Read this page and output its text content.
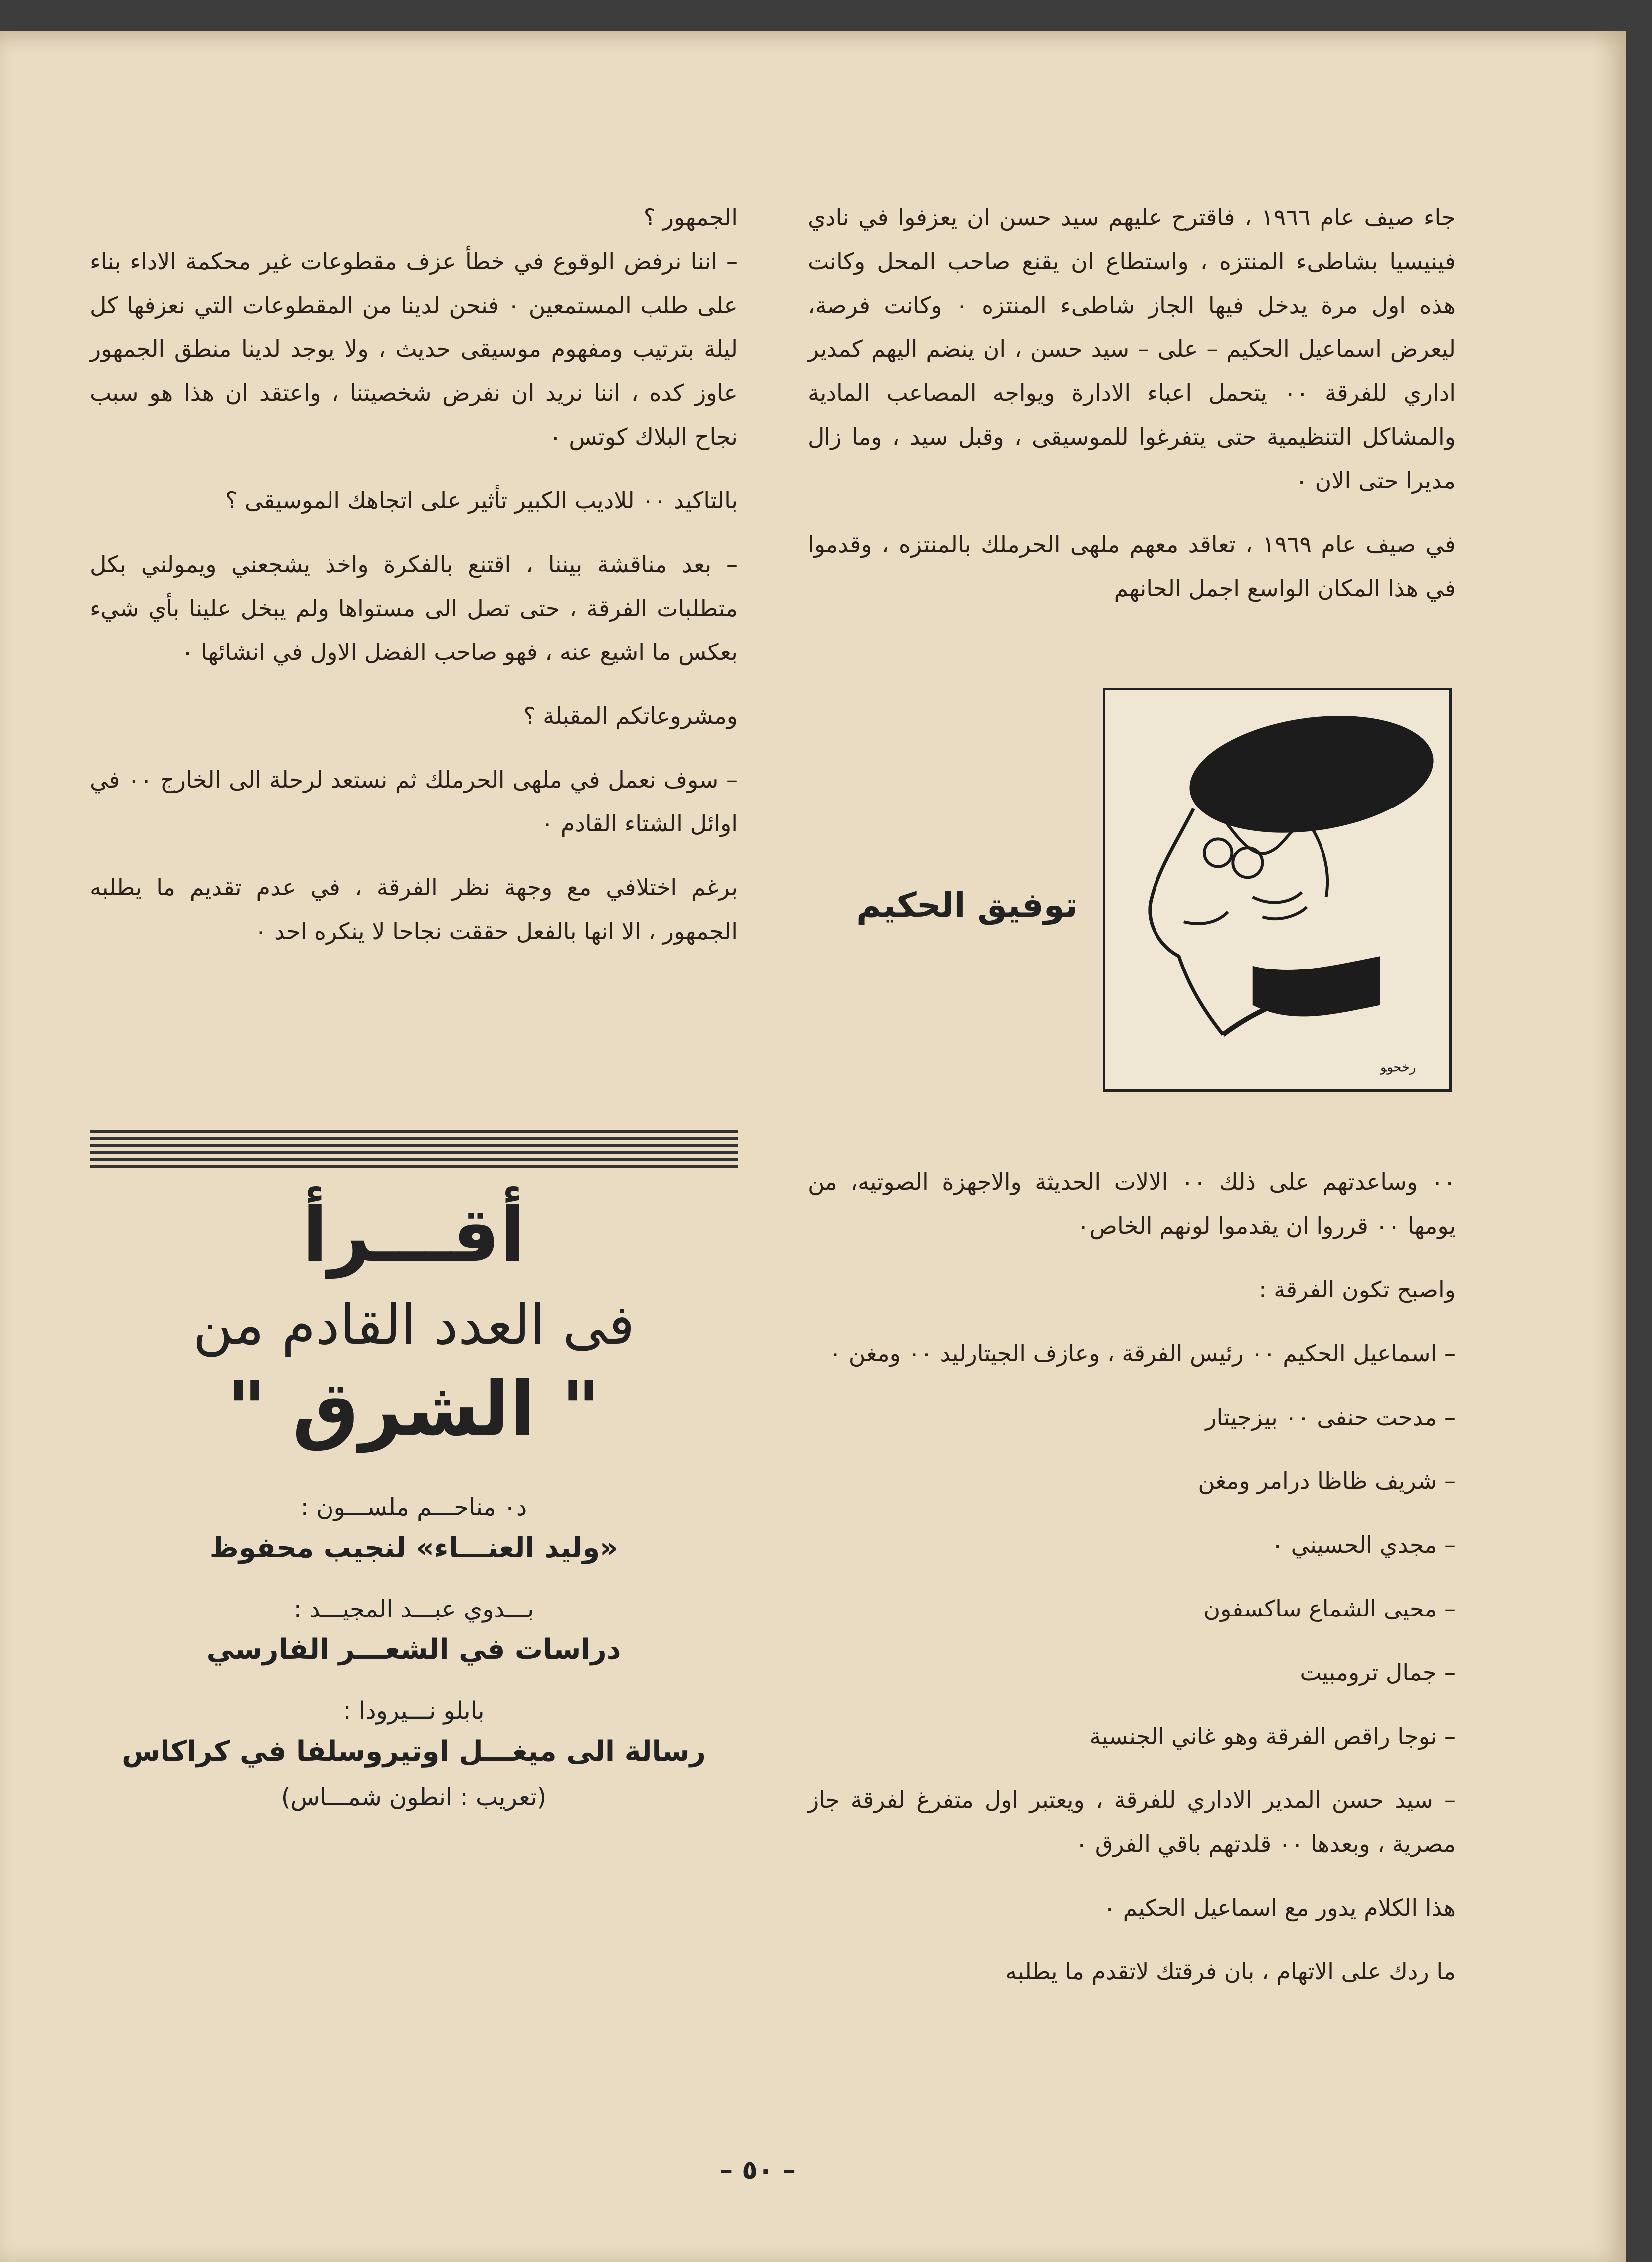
جاء صيف عام ١٩٦٦ ، فاقترح عليهم سيد حسن ان يعزفوا في نادي فينيسيا بشاطىء المنتزه ، واستطاع ان يقنع صاحب المحل وكانت هذه اول مرة يدخل فيها الجاز شاطىء المنتزه ٠ وكانت فرصة، ليعرض اسماعيل الحكيم – على – سيد حسن ، ان ينضم اليهم كمدير اداري للفرقة ٠٠ يتحمل اعباء الادارة ويواجه المصاعب المادية والمشاكل التنظيمية حتى يتفرغوا للموسيقى ، وقبل سيد ، وما زال مديرا حتى الان ٠

في صيف عام ١٩٦٩ ، تعاقد معهم ملهى الحرملك بالمنتزه ، وقدموا في هذا المكان الواسع اجمل الحانهم

ﺭﺧﺤﻮﻮ
توفيق الحكيم

٠٠ وساعدتهم على ذلك ٠٠ الالات الحديثة والاجهزة الصوتيه، من يومها ٠٠ قرروا ان يقدموا لونهم الخاص٠

واصبح تكون الفرقة :

– اسماعيل الحكيم ٠٠ رئيس الفرقة ، وعازف الجيتارليد ٠٠ ومغن ٠

– مدحت حنفى ٠٠ بيزجيتار

– شريف ظاظا درامر ومغن

– مجدي الحسيني ٠

– محيى الشماع ساكسفون

– جمال ترومبيت

– نوجا راقص الفرقة وهو غاني الجنسية

– سيد حسن المدير الاداري للفرقة ، ويعتبر اول متفرغ لفرقة جاز مصرية ، وبعدها ٠٠ قلدتهم باقي الفرق ٠

هذا الكلام يدور مع اسماعيل الحكيم ٠

ما ردك على الاتهام ، بان فرقتك لاتقدم ما يطلبه

الجمهور ؟

– اننا نرفض الوقوع في خطأ عزف مقطوعات غير محكمة الاداء بناء على طلب المستمعين ٠ فنحن لدينا من المقطوعات التي نعزفها كل ليلة بترتيب ومفهوم موسيقى حديث ، ولا يوجد لدينا منطق الجمهور عاوز كده ، اننا نريد ان نفرض شخصيتنا ، واعتقد ان هذا هو سبب نجاح البلاك كوتس ٠

بالتاكيد ٠٠ للاديب الكبير تأثير على اتجاهك الموسيقى ؟

– بعد مناقشة بيننا ، اقتنع بالفكرة واخذ يشجعني ويمولني بكل متطلبات الفرقة ، حتى تصل الى مستواها ولم يبخل علينا بأي شيء بعكس ما اشيع عنه ، فهو صاحب الفضل الاول في انشائها ٠

ومشروعاتكم المقبلة ؟

– سوف نعمل في ملهى الحرملك ثم نستعد لرحلة الى الخارج ٠٠ في اوائل الشتاء القادم ٠

برغم اختلافي مع وجهة نظر الفرقة ، في عدم تقديم ما يطلبه الجمهور ، الا انها بالفعل حققت نجاحا لا ينكره احد ٠

أقـــرأ
فى العدد القادم من
" الشرق "
د٠ مناحـــم ملســـون :
«وليد العنـــاء» لنجيب محفوظ
بـــدوي عبـــد المجيـــد :
دراسات في الشعـــر الفارسي
بابلو نـــيرودا :
رسالة الى ميغـــل اوتيروسلفا في كراكاس
(تعريب : انطون شمـــاس)
– ٥٠ –
